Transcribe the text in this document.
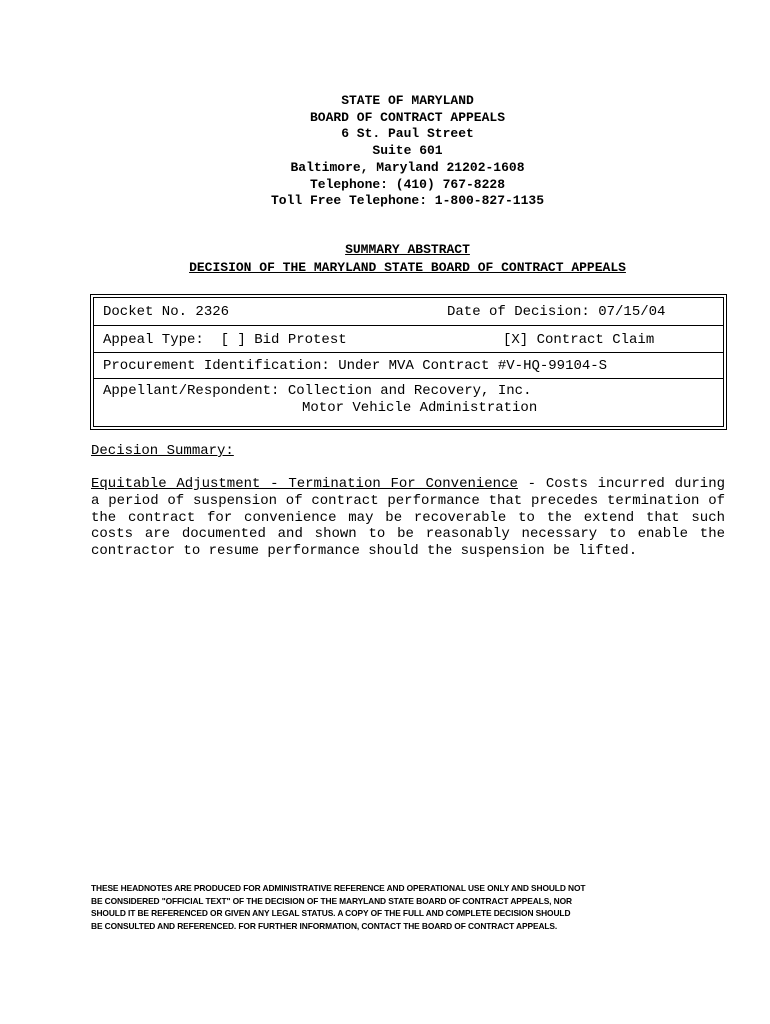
STATE OF MARYLAND
BOARD OF CONTRACT APPEALS
6 St. Paul Street
Suite 601
Baltimore, Maryland 21202-1608
Telephone: (410) 767-8228
Toll Free Telephone: 1-800-827-1135
SUMMARY ABSTRACT
DECISION OF THE MARYLAND STATE BOARD OF CONTRACT APPEALS
Docket No. 2326	Date of Decision: 07/15/04
Appeal Type:  [ ] Bid Protest	[X] Contract Claim
Procurement Identification: Under MVA Contract #V-HQ-99104-S
Appellant/Respondent: Collection and Recovery, Inc.
Motor Vehicle Administration
Decision Summary:
Equitable Adjustment - Termination For Convenience - Costs incurred during a period of suspension of contract performance that precedes termination of the contract for convenience may be recoverable to the extend that such costs are documented and shown to be reasonably necessary to enable the contractor to resume performance should the suspension be lifted.
THESE HEADNOTES ARE PRODUCED FOR ADMINISTRATIVE REFERENCE AND OPERATIONAL USE ONLY AND SHOULD NOT
BE CONSIDERED "OFFICIAL TEXT" OF THE DECISION OF THE MARYLAND STATE BOARD OF CONTRACT APPEALS, NOR
SHOULD IT BE REFERENCED OR GIVEN ANY LEGAL STATUS. A COPY OF THE FULL AND COMPLETE DECISION SHOULD
BE CONSULTED AND REFERENCED. FOR FURTHER INFORMATION, CONTACT THE BOARD OF CONTRACT APPEALS.
